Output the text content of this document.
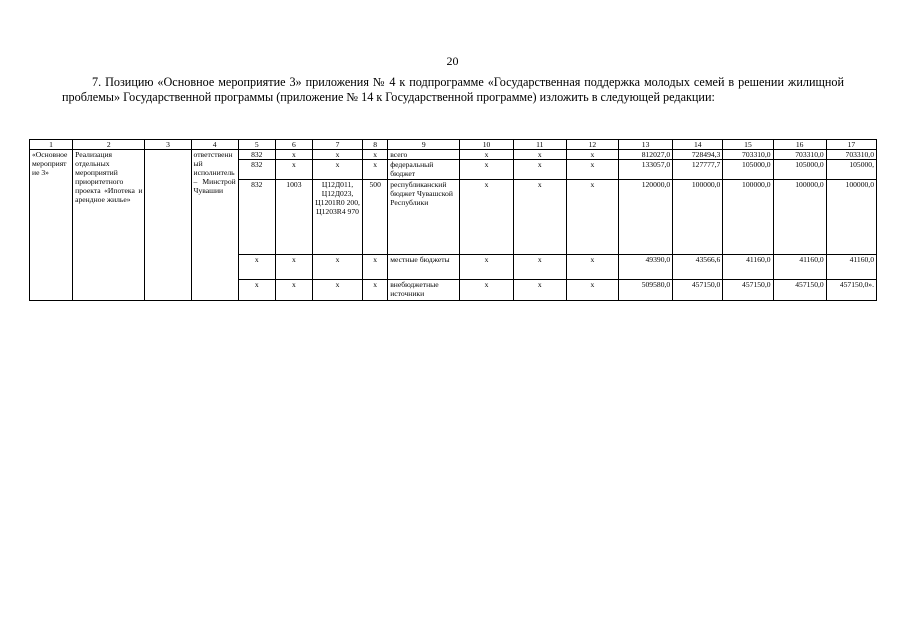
20
7. Позицию «Основное мероприятие 3» приложения № 4 к подпрограмме «Государственная поддержка молодых семей в решении жилищной проблемы» Государственной программы (приложение № 14 к Государственной программе) изложить в следующей редакции:
1	2	3	4	5	6	7	8	9	10	11	12	13	14	15	16	17
«Основное мероприятие 3»	Реализация отдельных мероприятий приоритетного проекта «Ипотека и арендное жилье»		ответственный исполнитель – Минстрой Чувашии	832	x	x	x	всего	x	x	x	812027,0	728494,3	703310,0	703310,0	703310,0
				832	x	x	x	федеральный бюджет	x	x	x	133057,0	127777,7	105000,0	105000,0	105000,
				832	1003	Ц12Д011, Ц12Д023, Ц1201R0 200, Ц1203R4 970	500	республиканский бюджет Чувашской Республики	x	x	x	120000,0	100000,0	100000,0	100000,0	100000,0
				x	x	x	x	местные бюджеты	x	x	x	49390,0	43566,6	41160,0	41160,0	41160,0
				x	x	x	x	внебюджетные источники	x	x	x	509580,0	457150,0	457150,0	457150,0	457150,0».
